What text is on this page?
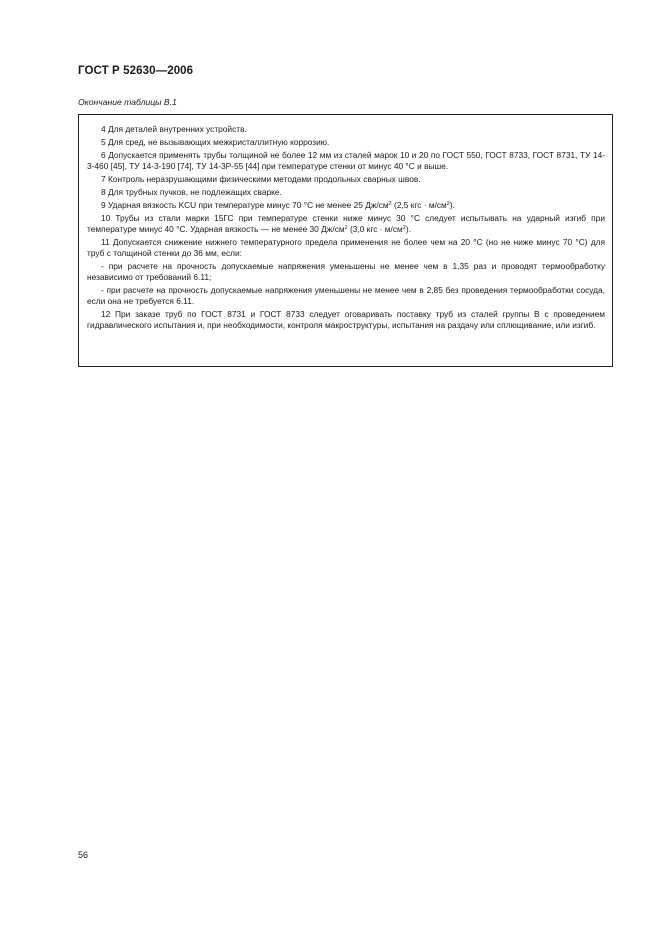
ГОСТ Р 52630—2006
Окончание таблицы В.1

4 Для деталей внутренних устройств.

5 Для сред, не вызывающих межкристаллитную коррозию.

6 Допускается применять трубы толщиной не более 12 мм из сталей марок 10 и 20 по ГОСТ 550, ГОСТ 8733, ГОСТ 8731, ТУ 14-3-460 [45], ТУ 14-3-190 [74], ТУ 14-3Р-55 [44] при температуре стенки от минус 40 °С и выше.

7 Контроль неразрушающими физическими методами продольных сварных швов.

8 Для трубных пучков, не подлежащих сварке.

9 Ударная вязкость KCU при температуре минус 70 °С не менее 25 $Дж/см^2$ (2,5 кгс · $м/см^2$).

10 Трубы из стали марки 15ГС при температуре стенки ниже минус 30 °С следует испытывать на ударный изгиб при температуре минус 40 °С. Ударная вязкость — не менее 30 $Дж/см^2$ (3,0 кгс · $м/см^2$).

11 Допускается снижение нижнего температурного предела применения не более чем на 20 °С (но не ниже минус 70 °С) для труб с толщиной стенки до 36 мм, если:

- при расчете на прочность допускаемые напряжения уменьшены не менее чем в 1,35 раз и проводят термообработку независимо от требований 6.11;

- при расчете на прочность допускаемые напряжения уменьшены не менее чем в 2,85 без проведения термообработки сосуда, если она не требуется 6.11.

12 При заказе труб по ГОСТ 8731 и ГОСТ 8733 следует оговаривать поставку труб из сталей группы В с проведением гидравлического испытания и, при необходимости, контроля макроструктуры, испытания на раздачу или сплющивание, или изгиб.

56
